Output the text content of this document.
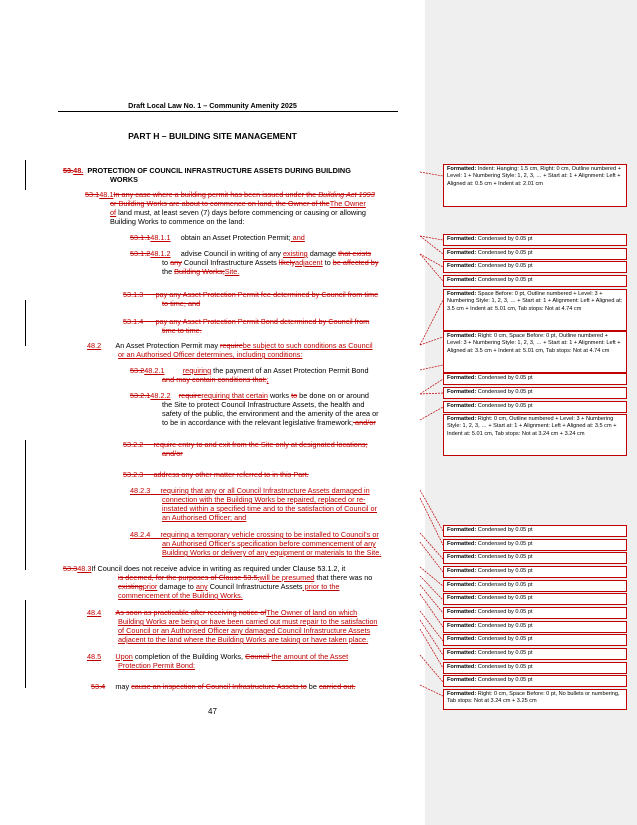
Draft Local Law No. 1 – Community Amenity 2025
PART H – BUILDING SITE MANAGEMENT
53.48. PROTECTION OF COUNCIL INFRASTRUCTURE ASSETS DURING BUILDING
WORKS
53.148.1In any case where a building permit has been issued under the Building Act 1993
or Building Works are about to commence on land, the Owner of theThe Owner
of land must, at least seven (7) days before commencing or causing or allowing
Building Works to commence on the land:
53.1.148.1.1 obtain an Asset Protection Permit; and
53.1.248.1.2 advise Council in writing of any existing damage that exists
to any Council Infrastructure Assets likelyadjacent to be affected by
the Building Works;Site.
53.1.3 pay any Asset Protection Permit fee determined by Council from time
to time; and
53.1.4 pay any Asset Protection Permit Bond determined by Council from
time to time.
48.2 An Asset Protection Permit may requirebe subject to such conditions as Council
or an Authorised Officer determines, including conditions:
53.248.2.1	requiring the payment of an Asset Protection Permit Bond
and may contain conditions that:;
53.2.148.2.2 requirerequiring that certain works to be done on or around
the Site to protect Council Infrastructure Assets, the health and
safety of the public, the environment and the amenity of the area or
to be in accordance with the relevant legislative framework; and/or
53.2.2 require entry to and exit from the Site only at designated locations;
and/or
53.2.3 address any other matter referred to in this Part.
48.2.3 requiring that any or all Council Infrastructure Assets damaged in
connection with the Building Works be repaired, replaced or re-
instated within a specified time and to the satisfaction of Council or
an Authorised Officer; and
48.2.4 requiring a temporary vehicle crossing to be installed to Council's or
an Authorised Officer's specification before commencement of any
Building Works or delivery of any equipment or materials to the Site.
53.348.3If Council does not receive advice in writing as required under Clause 53.1.2, it
is deemed, for the purposes of Clause 53.5,will be presumed that there was no
existingprior damage to any Council Infrastructure Assets prior to the
commencement of the Building Works.
48.4 As soon as practicable after receiving notice ofThe Owner of land on which
Building Works are being or have been carried out must repair to the satisfaction
of Council or an Authorised Officer any damaged Council Infrastructure Assets
adjacent to the land where the Building Works are taking or have taken place.
48.5 Upon completion of the Building Works, Council the amount of the Asset
Protection Permit Bond:
53.4 may cause an inspection of Council Infrastructure Assets to be carried out.
47
Formatted: Indent: Hanging: 1.5 cm, Right: 0 cm, Outline numbered + Level: 1 + Numbering Style: 1, 2, 3, … + Start at: 1 + Alignment: Left + Aligned at: 0.5 cm + Indent at: 2.01 cm
Formatted: Condensed by 0.05 pt
Formatted: Condensed by 0.05 pt
Formatted: Condensed by 0.05 pt
Formatted: Condensed by 0.05 pt
Formatted: Space Before: 0 pt, Outline numbered + Level: 3 + Numbering Style: 1, 2, 3, … + Start at: 1 + Alignment: Left + Aligned at: 3.5 cm + Indent at: 5.01 cm, Tab stops: Not at 4.74 cm
Formatted: Right: 0 cm, Space Before: 0 pt, Outline numbered + Level: 3 + Numbering Style: 1, 2, 3, … + Start at: 1 + Alignment: Left + Aligned at: 3.5 cm + Indent at: 5.01 cm, Tab stops: Not at 4.74 cm
Formatted: Condensed by 0.05 pt
Formatted: Condensed by 0.05 pt
Formatted: Condensed by 0.05 pt
Formatted: Right: 0 cm, Outline numbered + Level: 3 + Numbering Style: 1, 2, 3, … + Start at: 1 + Alignment: Left + Aligned at: 3.5 cm + Indent at: 5.01 cm, Tab stops: Not at 3.24 cm + 3.24 cm
Formatted: Condensed by 0.05 pt
Formatted: Condensed by 0.05 pt
Formatted: Condensed by 0.05 pt
Formatted: Condensed by 0.05 pt
Formatted: Condensed by 0.05 pt
Formatted: Condensed by 0.05 pt
Formatted: Condensed by 0.05 pt
Formatted: Condensed by 0.05 pt
Formatted: Condensed by 0.05 pt
Formatted: Condensed by 0.05 pt
Formatted: Condensed by 0.05 pt
Formatted: Condensed by 0.05 pt
Formatted: Right: 0 cm, Space Before: 0 pt, No bullets or numbering, Tab stops: Not at 3.24 cm + 3.25 cm
